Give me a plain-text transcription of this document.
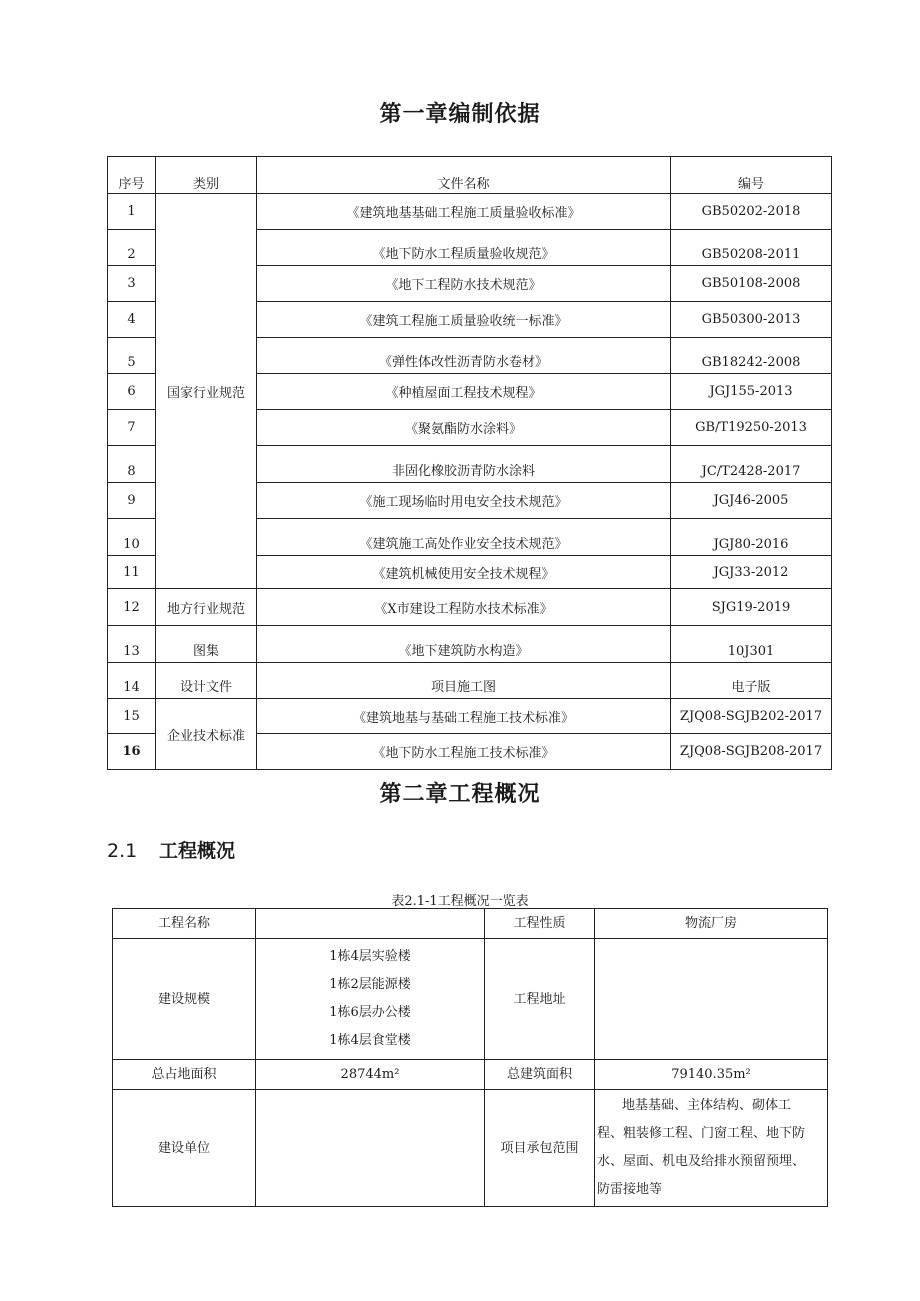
第一章编制依据
序号	类别	文件名称	编号
1	国家行业规范	《建筑地基基础工程施工质量验收标准》	GB50202-2018
2		《地下防水工程质量验收规范》	GB50208-2011
3		《地下工程防水技术规范》	GB50108-2008
4		《建筑工程施工质量验收统一标准》	GB50300-2013
5		《弹性体改性沥青防水卷材》	GB18242-2008
6		《种植屋面工程技术规程》	JGJ155-2013
7		《聚氨酯防水涂料》	GB/T19250-2013
8		非固化橡胶沥青防水涂料	JC/T2428-2017
9		《施工现场临时用电安全技术规范》	JGJ46-2005
10		《建筑施工高处作业安全技术规范》	JGJ80-2016
11		《建筑机械使用安全技术规程》	JGJ33-2012
12	地方行业规范	《X市建设工程防水技术标准》	SJG19-2019
13	图集	《地下建筑防水构造》	10J301
14	设计文件	项目施工图	电子版
15	企业技术标准	《建筑地基与基础工程施工技术标准》	ZJQ08-SGJB202-2017
16		《地下防水工程施工技术标准》	ZJQ08-SGJB208-2017
第二章工程概况
2.1 工程概况
表2.1-1工程概况一览表
工程名称		工程性质	物流厂房
建设规模	1栋4层实验楼
1栋2层能源楼
1栋6层办公楼
1栋4层食堂楼	工程地址	
总占地面积	28744m²	总建筑面积	79140.35m²
建设单位		项目承包范围	地基基础、主体结构、砌体工
程、粗装修工程、门窗工程、地下防
水、屋面、机电及给排水预留预埋、
防雷接地等
